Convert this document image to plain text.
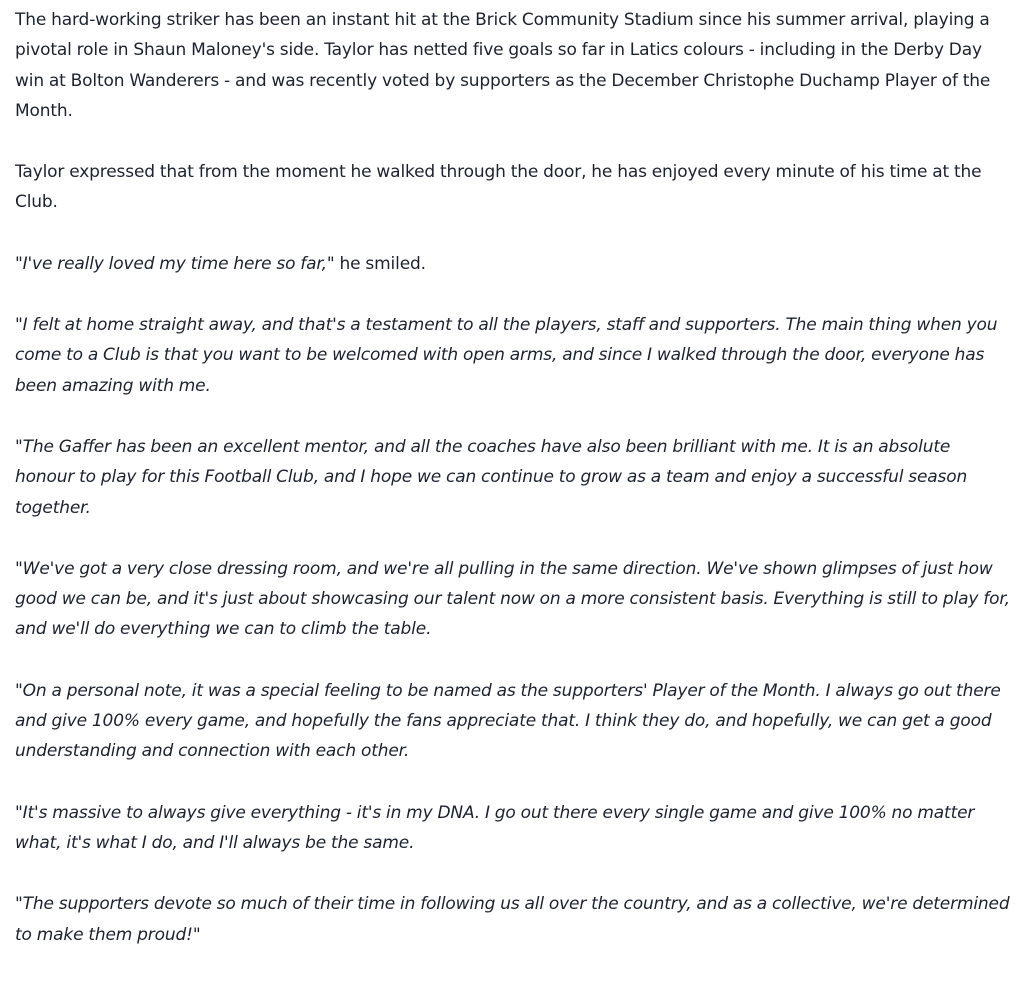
The hard-working striker has been an instant hit at the Brick Community Stadium since his summer arrival, playing a pivotal role in Shaun Maloney's side. Taylor has netted five goals so far in Latics colours - including in the Derby Day win at Bolton Wanderers - and was recently voted by supporters as the December Christophe Duchamp Player of the Month.

Taylor expressed that from the moment he walked through the door, he has enjoyed every minute of his time at the Club.

"I've really loved my time here so far," he smiled.

"I felt at home straight away, and that's a testament to all the players, staff and supporters. The main thing when you come to a Club is that you want to be welcomed with open arms, and since I walked through the door, everyone has been amazing with me.

"The Gaffer has been an excellent mentor, and all the coaches have also been brilliant with me. It is an absolute honour to play for this Football Club, and I hope we can continue to grow as a team and enjoy a successful season together.

"We've got a very close dressing room, and we're all pulling in the same direction. We've shown glimpses of just how good we can be, and it's just about showcasing our talent now on a more consistent basis. Everything is still to play for, and we'll do everything we can to climb the table.

"On a personal note, it was a special feeling to be named as the supporters' Player of the Month. I always go out there and give 100% every game, and hopefully the fans appreciate that. I think they do, and hopefully, we can get a good understanding and connection with each other.

"It's massive to always give everything - it's in my DNA. I go out there every single game and give 100% no matter what, it's what I do, and I'll always be the same.

"The supporters devote so much of their time in following us all over the country, and as a collective, we're determined to make them proud!"
